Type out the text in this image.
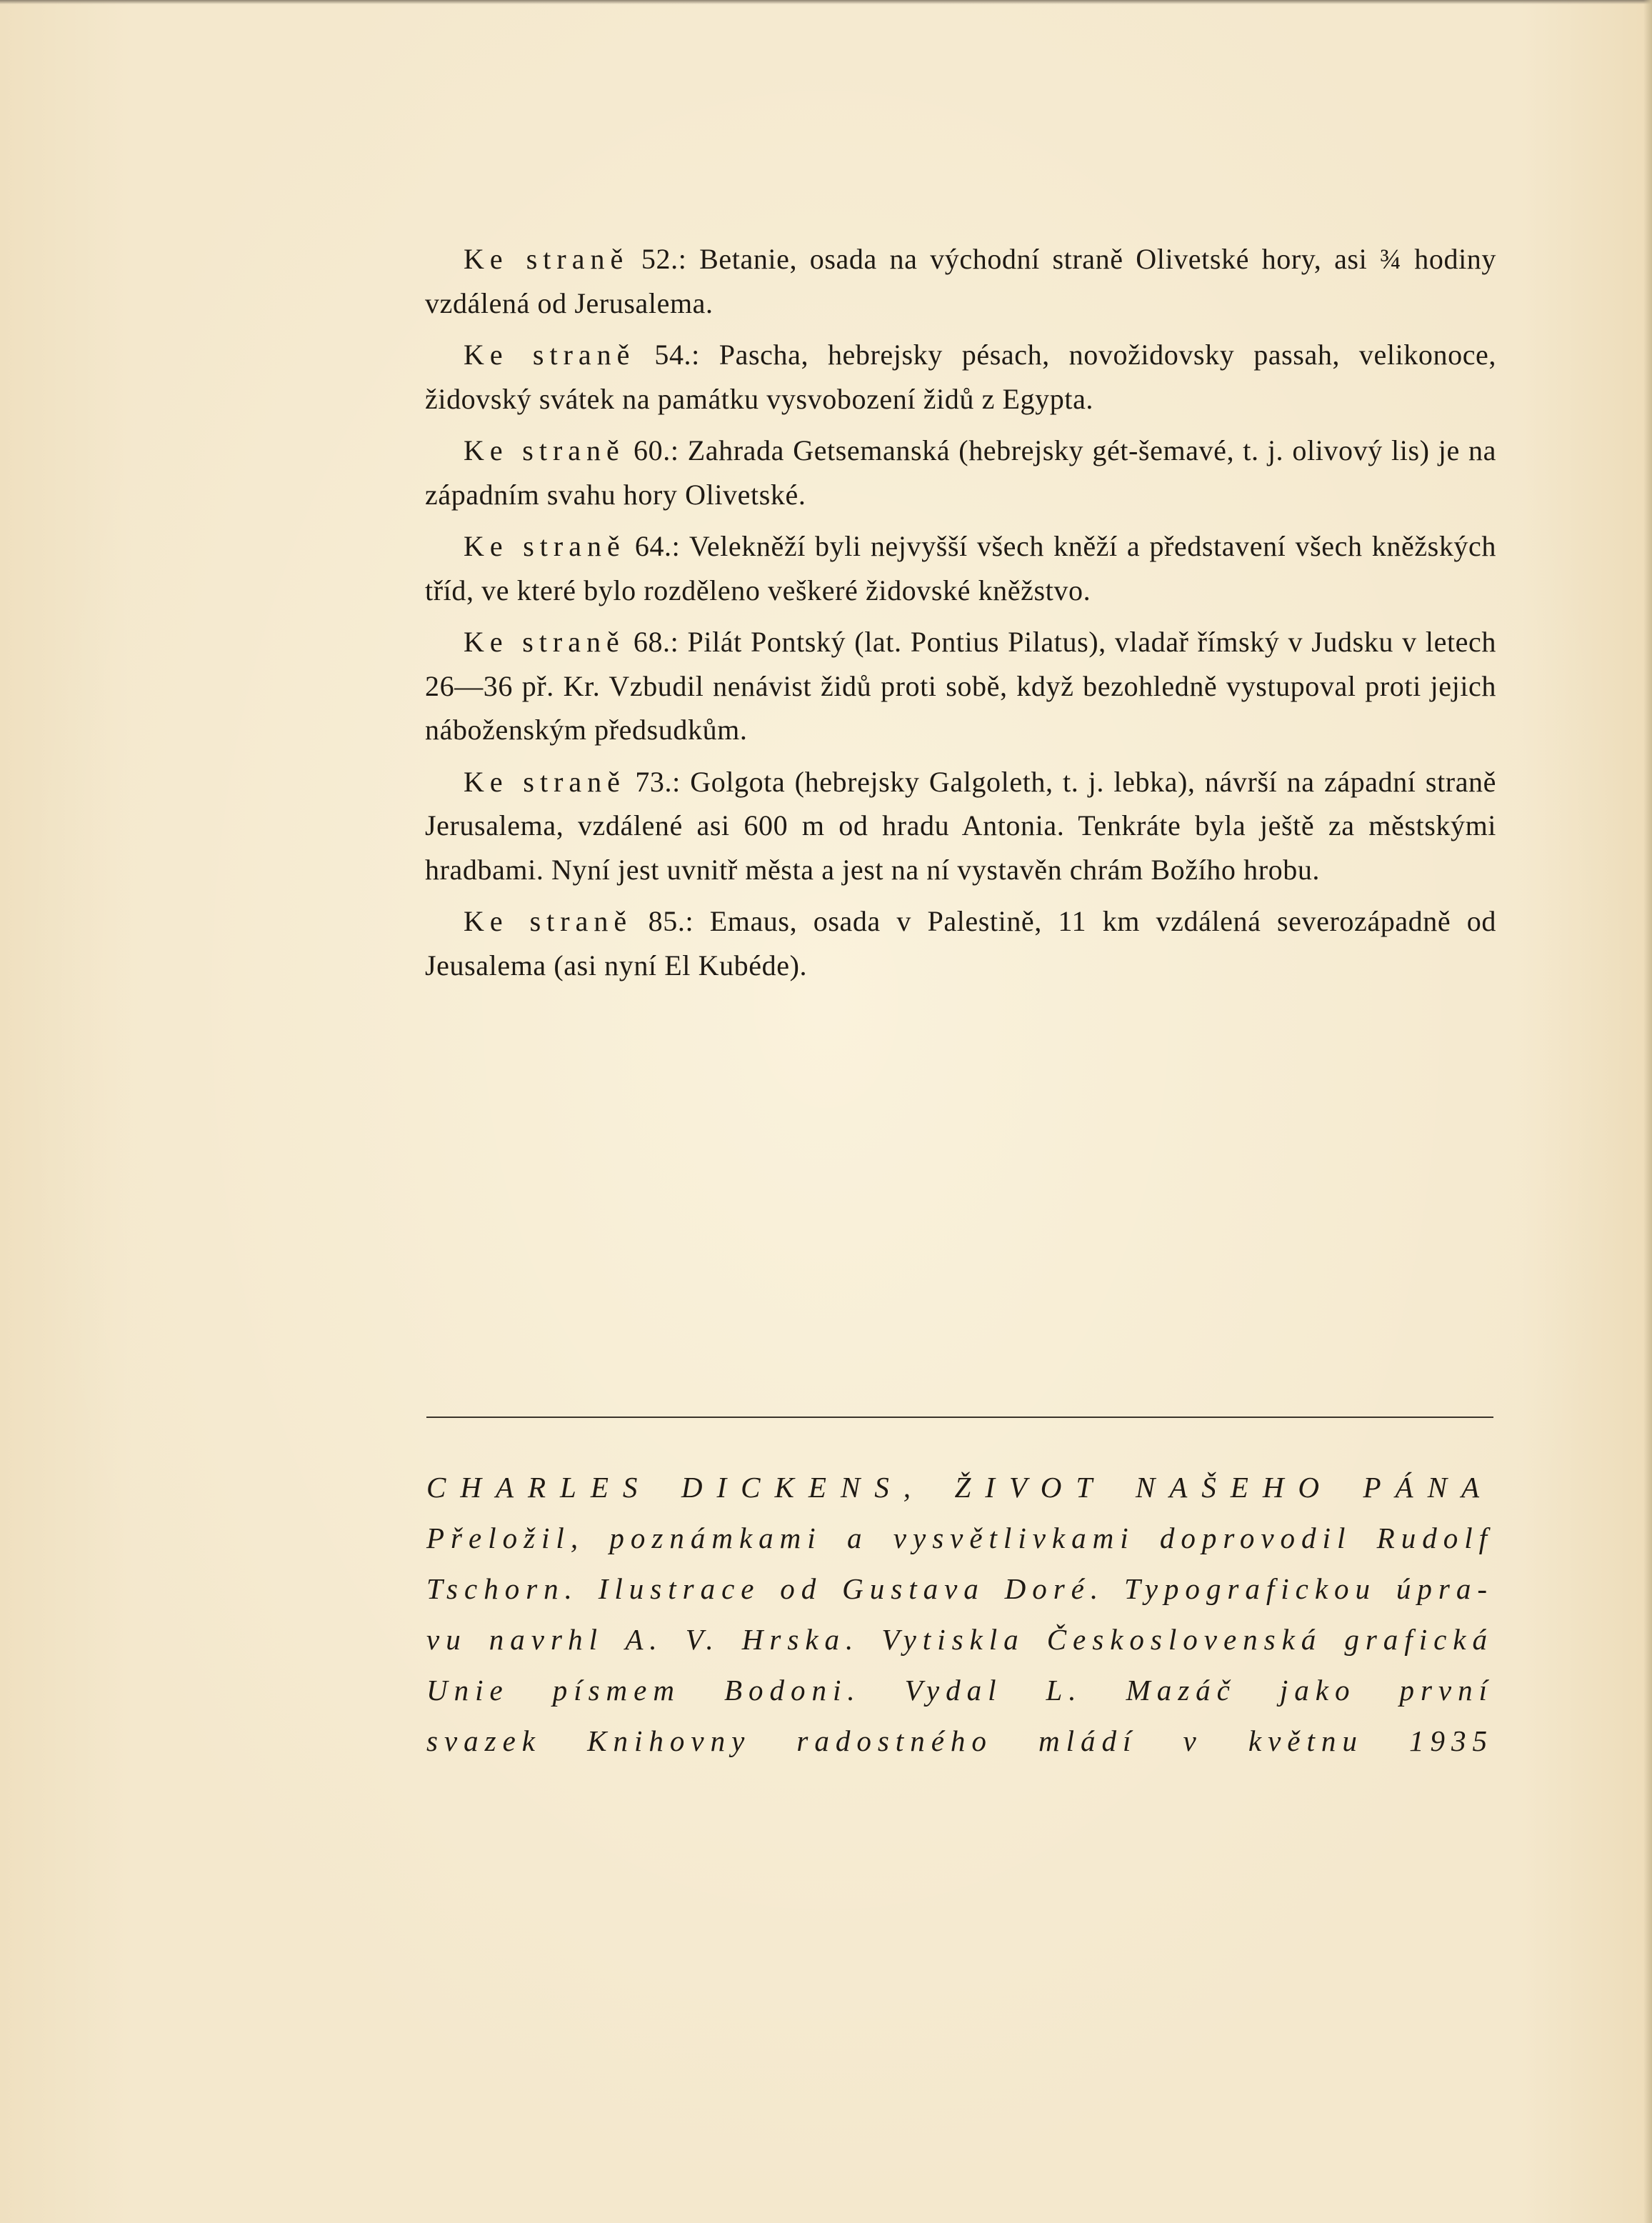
Ke straně 52.: Betanie, osada na východní straně Olivetské hory, asi ¾ hodiny vzdálená od Jerusalema.

Ke straně 54.: Pascha, hebrejsky pésach, novožidovsky passah, velikonoce, židovský svátek na památku vysvobození židů z Egypta.

Ke straně 60.: Zahrada Getsemanská (hebrejsky gét-šemavé, t. j. olivový lis) je na západním svahu hory Olivetské.

Ke straně 64.: Velekněží byli nejvyšší všech kněží a představení všech kněžských tříd, ve které bylo rozděleno veškeré židovské kněžstvo.

Ke straně 68.: Pilát Pontský (lat. Pontius Pilatus), vladař římský v Judsku v letech 26—36 př. Kr. Vzbudil nenávist židů proti sobě, když bezohledně vystupoval proti jejich náboženským předsudkům.

Ke straně 73.: Golgota (hebrejsky Galgoleth, t. j. lebka), návrší na západní straně Jerusalema, vzdálené asi 600 m od hradu Antonia. Tenkráte byla ještě za městskými hradbami. Nyní jest uvnitř města a jest na ní vystavěn chrám Božího hrobu.

Ke straně 85.: Emaus, osada v Palestině, 11 km vzdálená severozápadně od Jeusalema (asi nyní El Kubéde).

CHARLES DICKENS, ŽIVOT NAŠEHO PÁNA
Přeložil, poznámkami a vysvětlivkami doprovodil Rudolf
Tschorn. Ilustrace od Gustava Doré. Typografickou úpra-
vu navrhl A. V. Hrska. Vytiskla Československá grafická
Unie písmem Bodoni. Vydal L. Mazáč jako první
svazek Knihovny radostného mládí v květnu 1935
